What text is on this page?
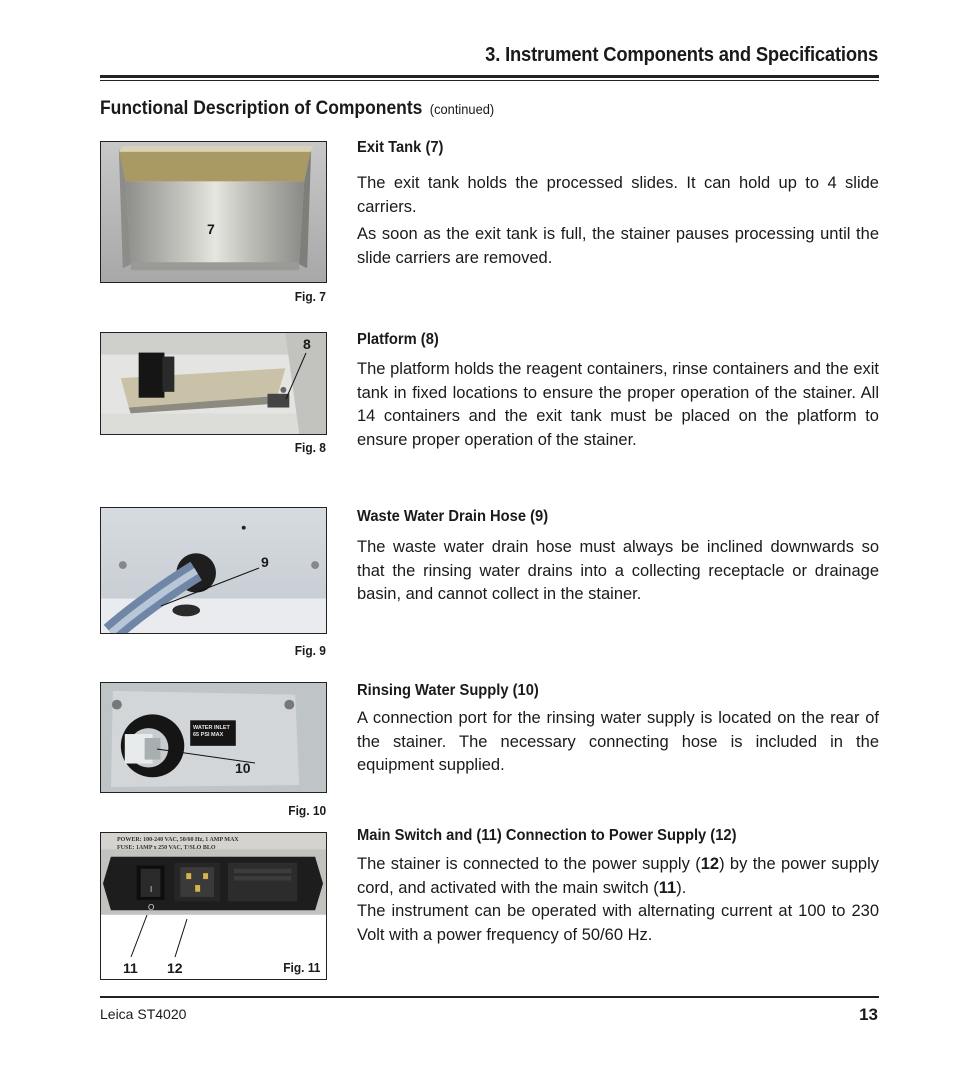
3. Instrument Components and Specifications
Functional Description of Components (continued)
7
Fig. 7
Exit Tank (7)

The exit tank holds the processed slides. It can hold up to 4 slide carriers.

As soon as the exit tank is full, the stainer pauses processing until the slide carriers are removed.

8
Fig. 8
Platform (8)

The platform holds the reagent containers, rinse containers and the exit tank in fixed locations to ensure the proper operation of the stainer. All 14 containers and the exit tank must be placed on the platform to ensure proper operation of the stainer.

9
Fig. 9
Waste Water Drain Hose (9)

The waste water drain hose must always be inclined downwards so that the rinsing water drains into a collecting receptacle or drainage basin, and cannot collect in the stainer.

WATER INLET
65 PSI MAX
10
Fig. 10
Rinsing Water Supply (10)

A connection port for the rinsing water supply is located on the rear of the stainer. The necessary connecting hose is included in the equipment supplied.

POWER: 100-240 VAC, 50/60 Hz, 1 AMP MAX
FUSE: 1AMP x 250 VAC, T/SLO BLO
I
O
11 12	Fig. 11
Main Switch and (11) Connection to Power Supply (12)

The stainer is connected to the power supply (12) by the power supply cord, and activated with the main switch (11).

The instrument can be operated with alternating current at 100 to 230 Volt with a power frequency of 50/60 Hz.

Leica ST4020	13
